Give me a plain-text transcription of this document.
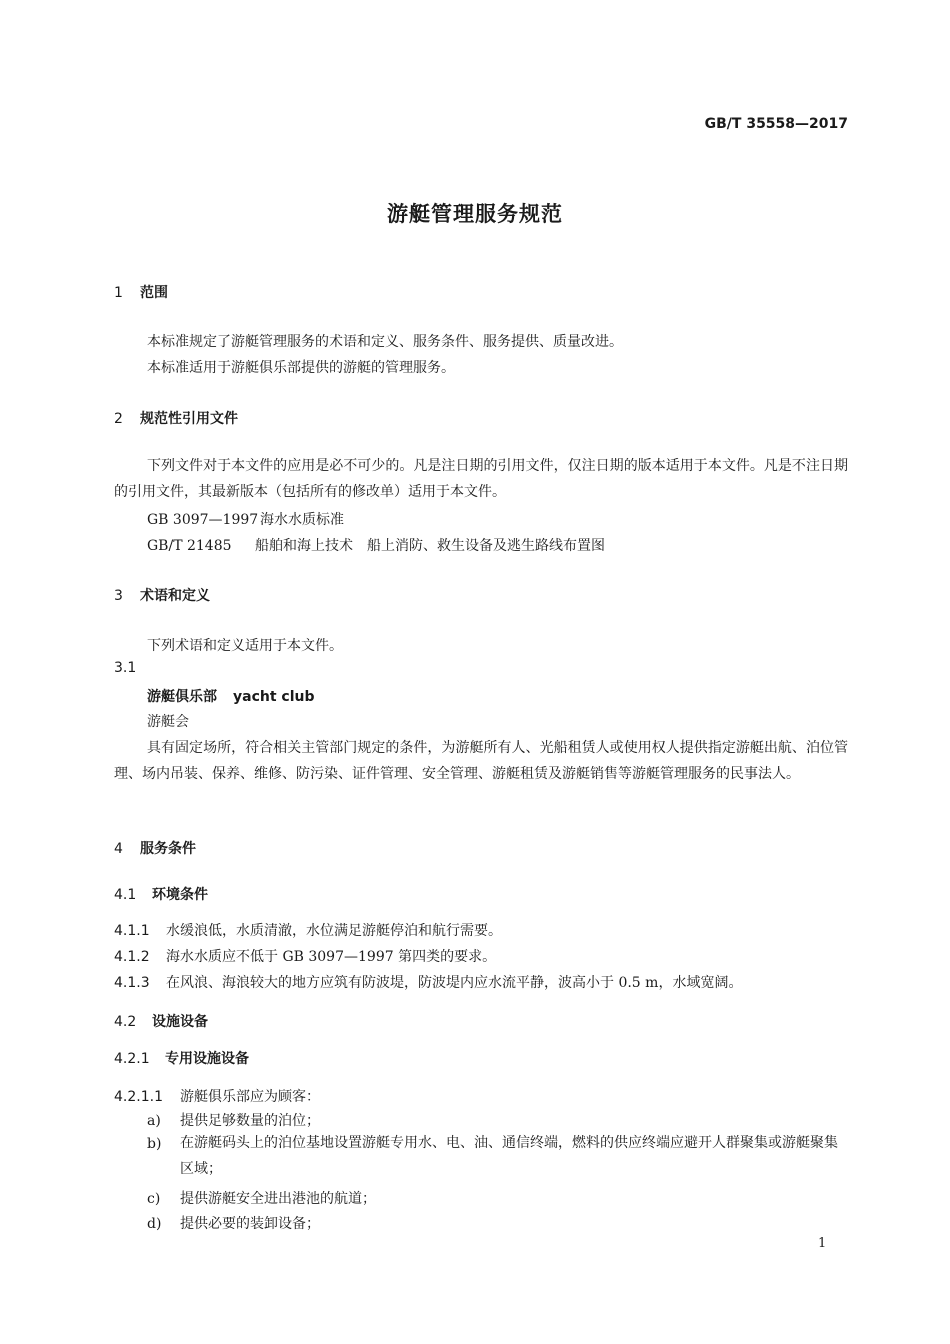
GB/T 35558—2017
游艇管理服务规范
1 范围
本标准规定了游艇管理服务的术语和定义、服务条件、服务提供、质量改进。
本标准适用于游艇俱乐部提供的游艇的管理服务。
2 规范性引用文件
下列文件对于本文件的应用是必不可少的。凡是注日期的引用文件，仅注日期的版本适用于本文件。凡是不注日期的引用文件，其最新版本（包括所有的修改单）适用于本文件。
GB 3097—1997 海水水质标准
GB/T 21485 船舶和海上技术　船上消防、救生设备及逃生路线布置图
3 术语和定义
下列术语和定义适用于本文件。
3.1
游艇俱乐部 yacht club
游艇会
具有固定场所，符合相关主管部门规定的条件，为游艇所有人、光船租赁人或使用权人提供指定游艇出航、泊位管理、场内吊装、保养、维修、防污染、证件管理、安全管理、游艇租赁及游艇销售等游艇管理服务的民事法人。
4 服务条件
4.1 环境条件
4.1.1 水缓浪低，水质清澈，水位满足游艇停泊和航行需要。
4.1.2 海水水质应不低于 GB 3097—1997 第四类的要求。
4.1.3 在风浪、海浪较大的地方应筑有防波堤，防波堤内应水流平静，波高小于 0.5 m，水域宽阔。
4.2 设施设备
4.2.1 专用设施设备
4.2.1.1 游艇俱乐部应为顾客：
a) 提供足够数量的泊位；
b) 在游艇码头上的泊位基地设置游艇专用水、电、油、通信终端，燃料的供应终端应避开人群聚集或游艇聚集区域；
c) 提供游艇安全进出港池的航道；
d) 提供必要的装卸设备；
1
